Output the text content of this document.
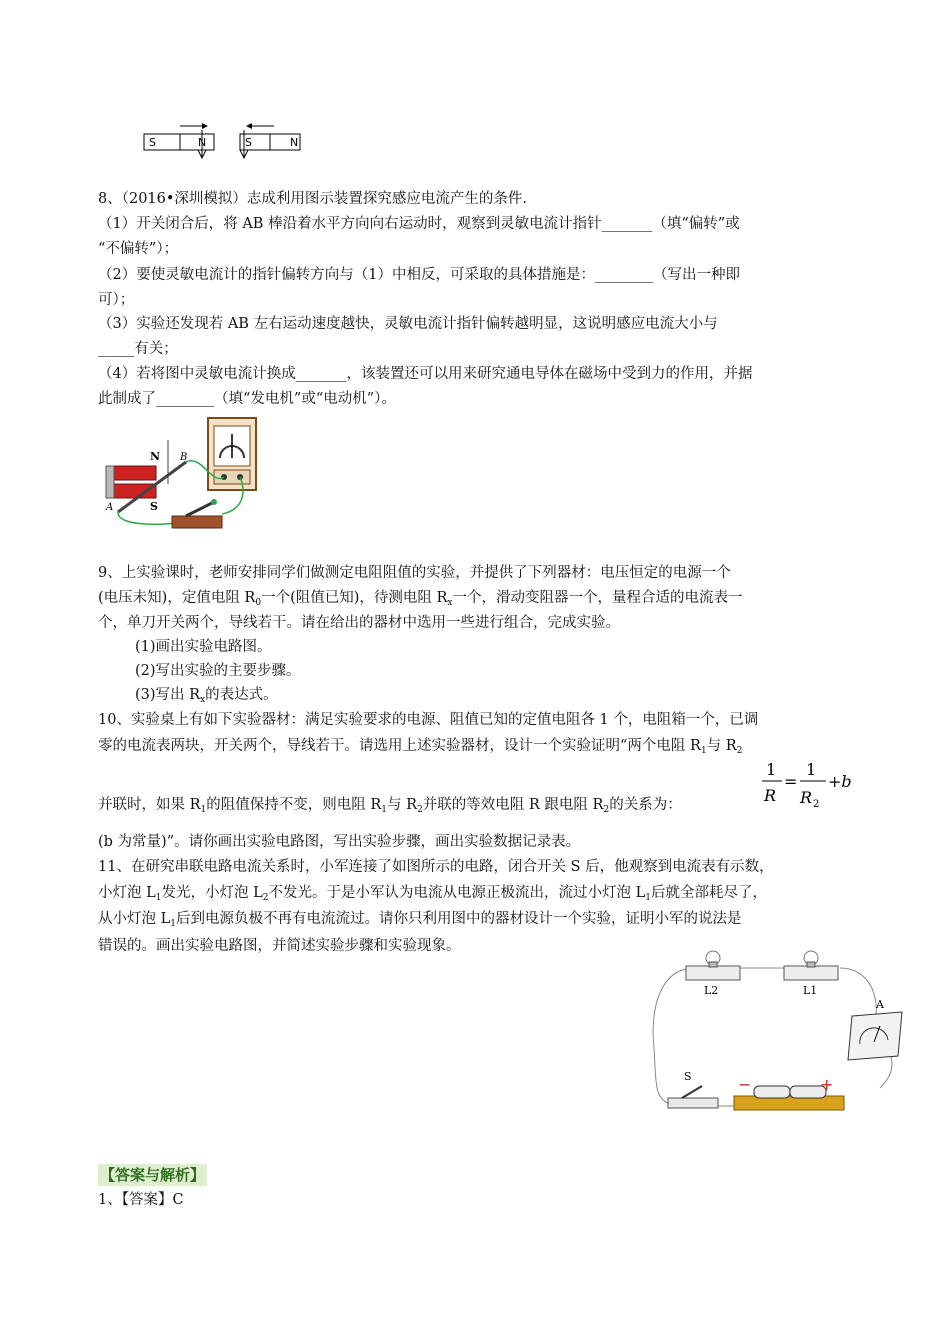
S	N	S	N
8、（2016•深圳模拟）志成利用图示装置探究感应电流产生的条件.
（1）开关闭合后，将 AB 棒沿着水平方向向右运动时，观察到灵敏电流计指针_______（填“偏转”或
“不偏转”）；
（2）要使灵敏电流计的指针偏转方向与（1）中相反，可采取的具体措施是：________（写出一种即
可）；
（3）实验还发现若 AB 左右运动速度越快，灵敏电流计指针偏转越明显，这说明感应电流大小与
_____有关；
（4）若将图中灵敏电流计换成_______，该装置还可以用来研究通电导体在磁场中受到力的作用，并据
此制成了________（填“发电机”或“电动机”）。
N
S
A
B
9、上实验课时，老师安排同学们做测定电阻阻值的实验，并提供了下列器材：电压恒定的电源一个
(电压未知)，定值电阻 $R_0$一个(阻值已知)，待测电阻 $R_x$一个，滑动变阻器一个，量程合适的电流表一
个，单刀开关两个，导线若干。请在给出的器材中选用一些进行组合，完成实验。
(1)画出实验电路图。
(2)写出实验的主要步骤。
(3)写出 $R_x$的表达式。
10、实验桌上有如下实验器材：满足实验要求的电源、阻值已知的定值电阻各 1 个，电阻箱一个，已调
零的电流表两块，开关两个，导线若干。请选用上述实验器材，设计一个实验证明“两个电阻 $R_1$与 $R_2$
并联时，如果 $R_1$的阻值保持不变，则电阻 $R_1$与 $R_2$并联的等效电阻 R 跟电阻 $R_2$的关系为：
1
R
=
1
R 2
+b
(b 为常量)”。请你画出实验电路图，写出实验步骤，画出实验数据记录表。
11、在研究串联电路电流关系时，小军连接了如图所示的电路，闭合开关 S 后，他观察到电流表有示数，
小灯泡 $L_1$发光，小灯泡 $L_2$不发光。于是小军认为电流从电源正极流出，流过小灯泡 $L_1$后就全部耗尽了，
从小灯泡 $L_1$后到电源负极不再有电流流过。请你只利用图中的器材设计一个实验，证明小军的说法是
错误的。画出实验电路图，并简述实验步骤和实验现象。
L2	L1
A
S	−	+
【答案与解析】
1、【答案】C
